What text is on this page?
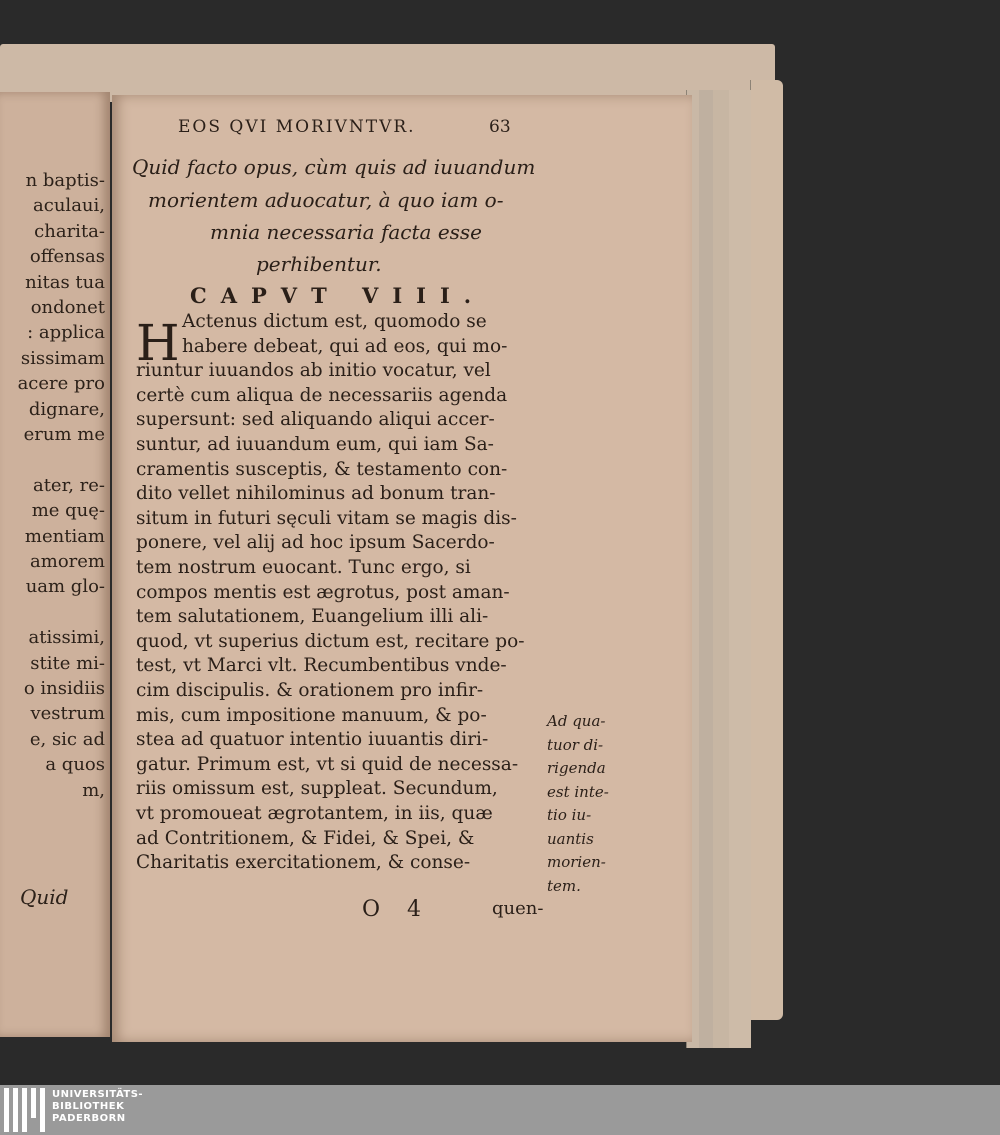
n baptis-
aculaui,
charita-
offensas
nitas tua
ondonet
: applica
sissimam
acere pro
dignare,
erum me
ater, re-
me quę-
mentiam
amorem
uam glo-
atissimi,
stite mi-
o insidiis
vestrum
e, sic ad
a quos
m,
EOS QVI MORIVNTVR.	63
Quid facto opus, cùm quis ad iuuandum
morientem aduocatur, à quo iam o-
mnia necessaria facta esse
perhibentur.
CAPVT VIII.
H Actenus dictum est, quomodo se
habere debeat, qui ad eos, qui mo-
riuntur iuuandos ab initio vocatur, vel
certè cum aliqua de necessariis agenda
supersunt: sed aliquando aliqui accer-
suntur, ad iuuandum eum, qui iam Sa-
cramentis susceptis, & testamento con-
dito vellet nihilominus ad bonum tran-
situm in futuri sęculi vitam se magis dis-
ponere, vel alij ad hoc ipsum Sacerdo-
tem nostrum euocant. Tunc ergo, si
compos mentis est ægrotus, post aman-
tem salutationem, Euangelium illi ali-
quod, vt superius dictum est, recitare po-
test, vt Marci vlt. Recumbentibus vnde-
cim discipulis. & orationem pro infir-
mis, cum impositione manuum, & po-
stea ad quatuor intentio iuuantis diri-
gatur. Primum est, vt si quid de necessa-
riis omissum est, suppleat. Secundum,
vt promoueat ægrotantem, in iis, quæ
ad Contritionem, & Fidei, & Spei, &
Charitatis exercitationem, & conse-
Ad qua-
tuor di-
rigenda
est inte-
tio iu-
uantis
morien-
tem.
O 4	quen-
Quid
UNIVERSITÄTS-
BIBLIOTHEK
PADERBORN
